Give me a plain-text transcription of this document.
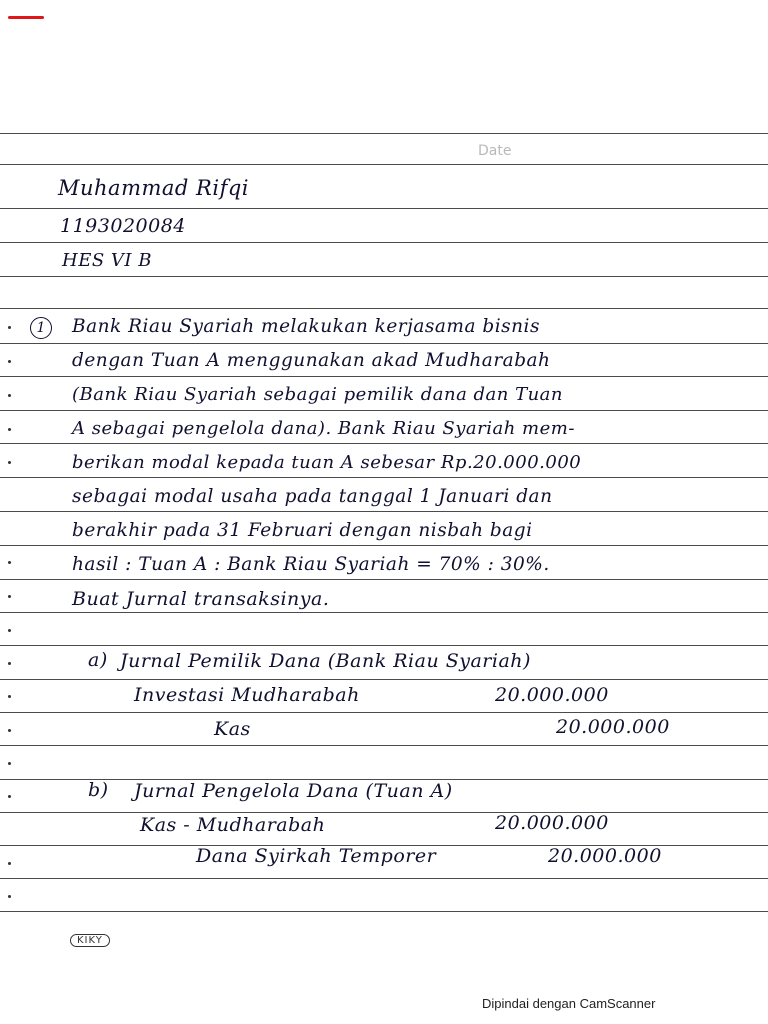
Date
Muhammad Rifqi
1193020084
HES VI B
1	Bank Riau Syariah melakukan kerjasama bisnis
dengan Tuan A menggunakan akad Mudharabah
(Bank Riau Syariah sebagai pemilik dana dan Tuan
A sebagai pengelola dana). Bank Riau Syariah mem-
berikan modal kepada tuan A sebesar Rp.20.000.000
sebagai modal usaha pada tanggal 1 Januari dan
berakhir pada 31 Februari dengan nisbah bagi
hasil : Tuan A : Bank Riau Syariah = 70% : 30%.
Buat Jurnal transaksinya.
a) Jurnal Pemilik Dana (Bank Riau Syariah)
Investasi Mudharabah	20.000.000
Kas	20.000.000
b) Jurnal Pengelola Dana (Tuan A)
Kas - Mudharabah	20.000.000
Dana Syirkah Temporer	20.000.000
KIKY
Dipindai dengan CamScanner
